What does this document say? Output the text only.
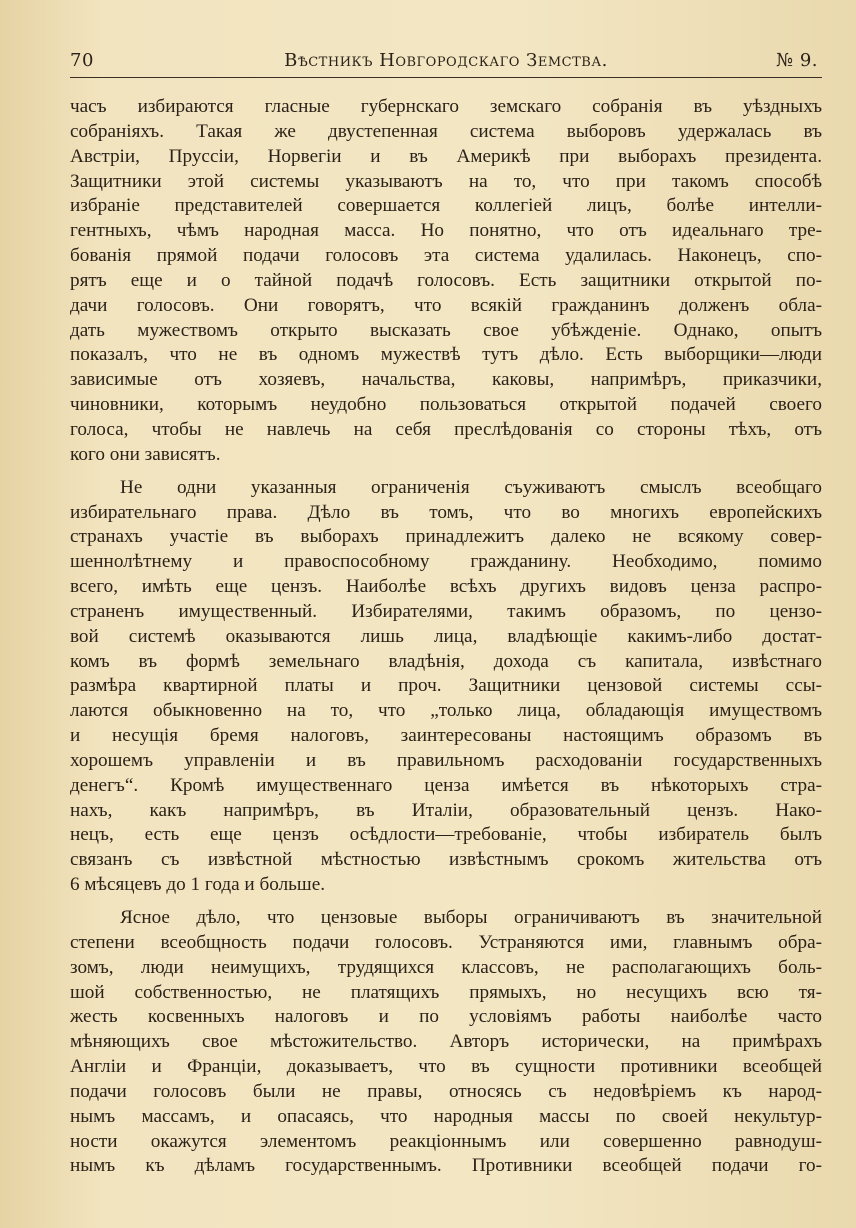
70	Вѣстникъ Новгородскаго Земства.	№ 9.
часъ избираются гласные губернскаго земскаго собранія въ уѣздныхъ
собраніяхъ. Такая же двустепенная система выборовъ удержалась въ
Австріи, Пруссіи, Норвегіи и въ Америкѣ при выборахъ президента.
Защитники этой системы указываютъ на то, что при такомъ способѣ
избраніе представителей совершается коллегіей лицъ, болѣе интелли-
гентныхъ, чѣмъ народная масса. Но понятно, что отъ идеальнаго тре-
бованія прямой подачи голосовъ эта система удалилась. Наконецъ, спо-
рятъ еще и о тайной подачѣ голосовъ. Есть защитники открытой по-
дачи голосовъ. Они говорятъ, что всякій гражданинъ долженъ обла-
дать мужествомъ открыто высказать свое убѣжденіе. Однако, опытъ
показалъ, что не въ одномъ мужествѣ тутъ дѣло. Есть выборщики—люди
зависимые отъ хозяевъ, начальства, каковы, напримѣръ, приказчики,
чиновники, которымъ неудобно пользоваться открытой подачей своего
голоса, чтобы не навлечь на себя преслѣдованія со стороны тѣхъ, отъ
кого они зависятъ.
Не одни указанныя ограниченія съуживаютъ смыслъ всеобщаго
избирательнаго права. Дѣло въ томъ, что во многихъ европейскихъ
странахъ участіе въ выборахъ принадлежитъ далеко не всякому совер-
шеннолѣтнему и правоспособному гражданину. Необходимо, помимо
всего, имѣть еще цензъ. Наиболѣе всѣхъ другихъ видовъ ценза распро-
страненъ имущественный. Избирателями, такимъ образомъ, по цензо-
вой системѣ оказываются лишь лица, владѣющіе какимъ-либо достат-
комъ въ формѣ земельнаго владѣнія, дохода съ капитала, извѣстнаго
размѣра квартирной платы и проч. Защитники цензовой системы ссы-
лаются обыкновенно на то, что „только лица, обладающія имуществомъ
и несущія бремя налоговъ, заинтересованы настоящимъ образомъ въ
хорошемъ управленіи и въ правильномъ расходованіи государственныхъ
денегъ“. Кромѣ имущественнаго ценза имѣется въ нѣкоторыхъ стра-
нахъ, какъ напримѣръ, въ Италіи, образовательный цензъ. Нако-
нецъ, есть еще цензъ осѣдлости—требованіе, чтобы избиратель былъ
связанъ съ извѣстной мѣстностью извѣстнымъ срокомъ жительства отъ
6 мѣсяцевъ до 1 года и больше.
Ясное дѣло, что цензовые выборы ограничиваютъ въ значительной
степени всеобщность подачи голосовъ. Устраняются ими, главнымъ обра-
зомъ, люди неимущихъ, трудящихся классовъ, не располагающихъ боль-
шой собственностью, не платящихъ прямыхъ, но несущихъ всю тя-
жесть косвенныхъ налоговъ и по условіямъ работы наиболѣе часто
мѣняющихъ свое мѣстожительство. Авторъ исторически, на примѣрахъ
Англіи и Франціи, доказываетъ, что въ сущности противники всеобщей
подачи голосовъ были не правы, относясь съ недовѣріемъ къ народ-
нымъ массамъ, и опасаясь, что народныя массы по своей некультур-
ности окажутся элементомъ реакціоннымъ или совершенно равнодуш-
нымъ къ дѣламъ государственнымъ. Противники всеобщей подачи го-
